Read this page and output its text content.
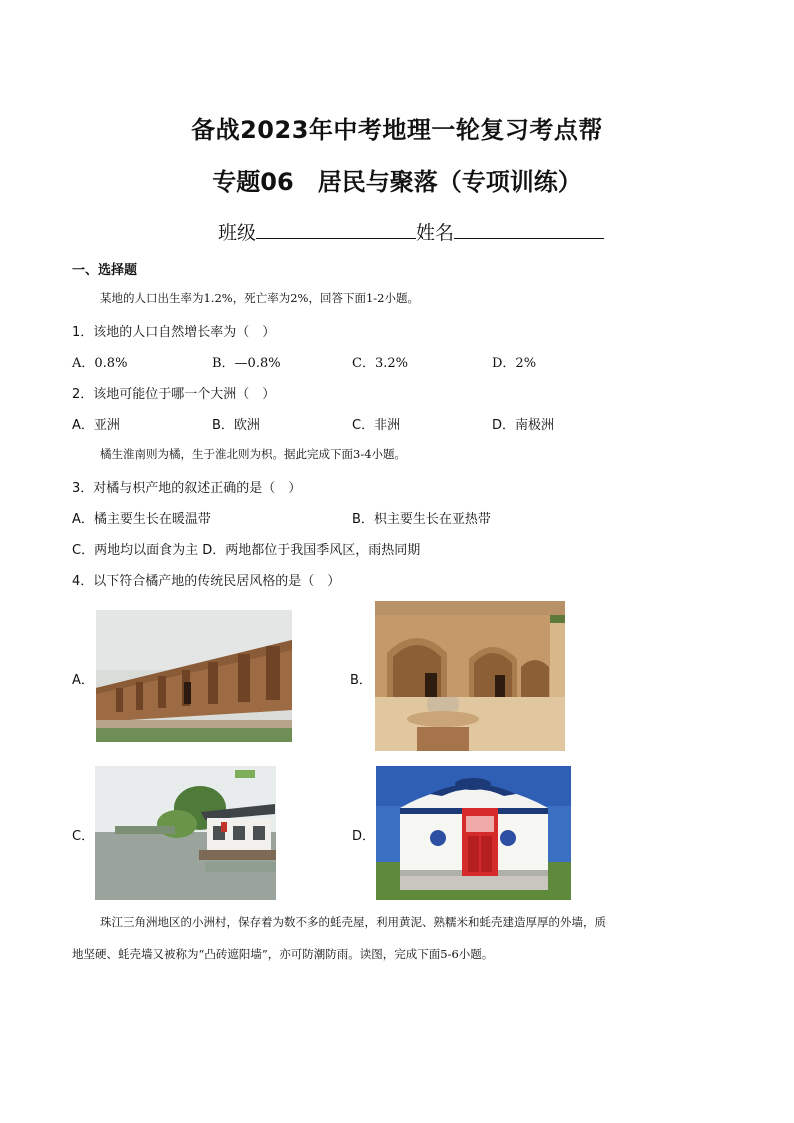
备战2023年中考地理一轮复习考点帮
专题06　居民与聚落（专项训练）
班级	姓名
一、选择题
某地的人口出生率为1.2%，死亡率为2%，回答下面1-2小题。
1．该地的人口自然增长率为（　）
A．0.8%	B．—0.8%	C．3.2%	D．2%
2．该地可能位于哪一个大洲（　）
A．亚洲	B．欧洲	C．非洲	D．南极洲
橘生淮南则为橘，生于淮北则为枳。据此完成下面3-4小题。
3．对橘与枳产地的叙述正确的是（　）
A．橘主要生长在暖温带	B．枳主要生长在亚热带
C．两地均以面食为主 D．两地都位于我国季风区，雨热同期
4．以下符合橘产地的传统民居风格的是（　）
A．	B．
C．	D．
珠江三角洲地区的小洲村，保存着为数不多的蚝壳屋，利用黄泥、熟糯米和蚝壳建造厚厚的外墙，质
地坚硬、蚝壳墙又被称为“凸砖遮阳墙”，亦可防潮防雨。读图，完成下面5-6小题。
